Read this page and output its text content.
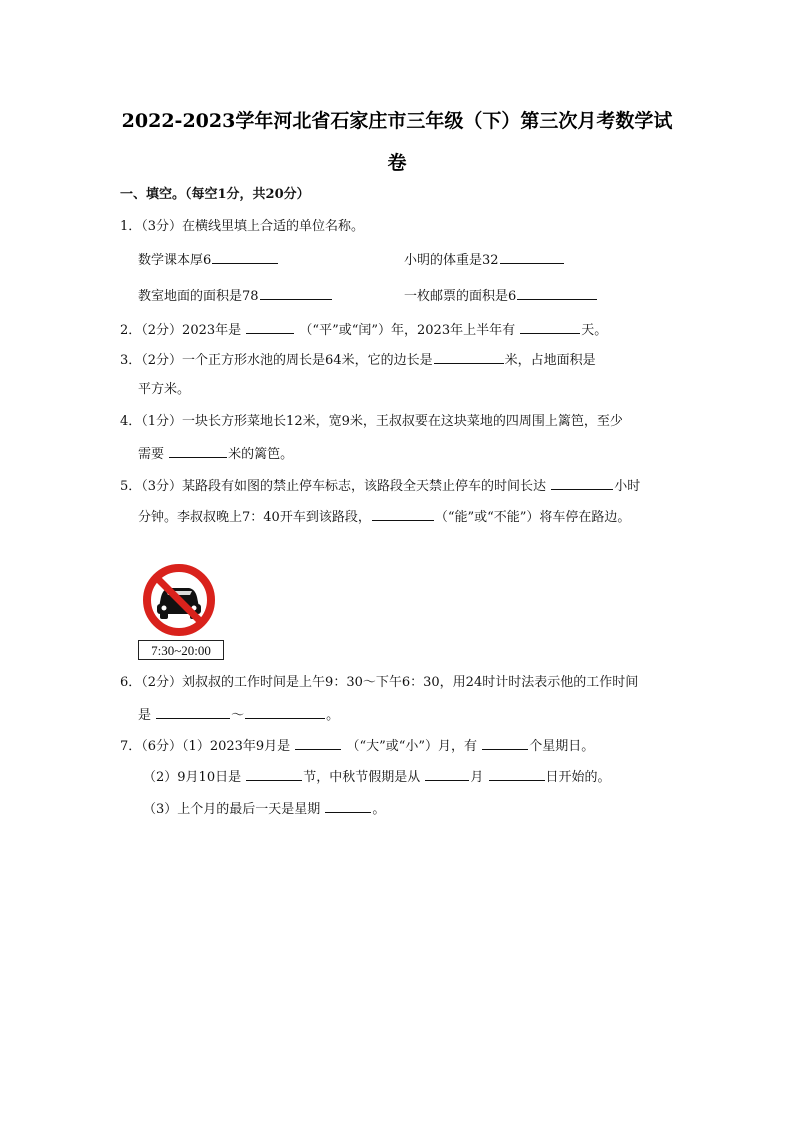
2022-2023学年河北省石家庄市三年级（下）第三次月考数学试
卷
一、填空。（每空1分，共20分）
1．（3分）在横线里填上合适的单位名称。
数学课本厚6	小明的体重是32
教室地面的面积是78	一枚邮票的面积是6
2．（2分）2023年是	（“平”或“闰”）年，2023年上半年有	天。
3．（2分）一个正方形水池的周长是64米，它的边长是	米，占地面积是
平方米。
4．（1分）一块长方形菜地长12米，宽9米，王叔叔要在这块菜地的四周围上篱笆，至少
需要	米的篱笆。
5．（3分）某路段有如图的禁止停车标志，该路段全天禁止停车的时间长达	小时
分钟。李叔叔晚上7：40开车到该路段，	（“能”或“不能”）将车停在路边。
7:30~20:00
6．（2分）刘叔叔的工作时间是上午9：30～下午6：30，用24时计时法表示他的工作时间
是	～	。
7．（6分）（1）2023年9月是	（“大”或“小”）月，有	个星期日。
（2）9月10日是	节，中秋节假期是从	月	日开始的。
（3）上个月的最后一天是星期	。
